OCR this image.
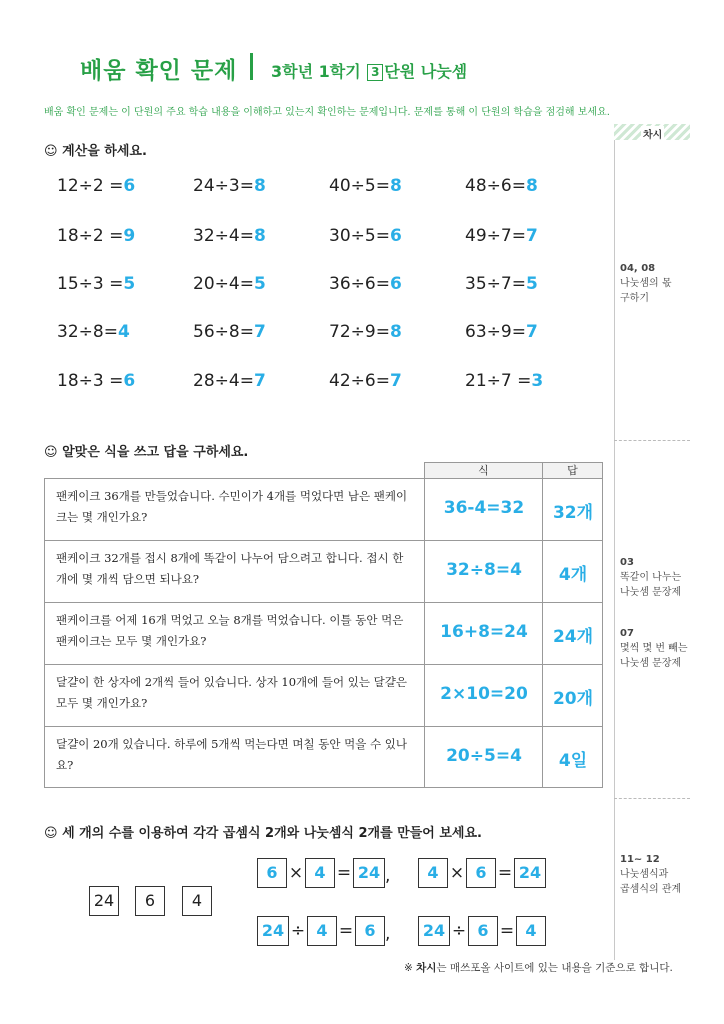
배움 확인 문제 3학년 1학기 3 단원 나눗셈
배움 확인 문제는 이 단원의 주요 학습 내용을 이해하고 있는지 확인하는 문제입니다. 문제를 통해 이 단원의 학습을 점검해 보세요.
차시
04, 08
나눗셈의 몫
구하기
03
똑같이 나누는
나눗셈 문장제
07
몇씩 몇 번 빼는
나눗셈 문장제
11~ 12
나눗셈식과
곱셈식의 관계
☺ 계산을 하세요.
12÷2 =6	24÷3=8	40÷5=8	48÷6=8
18÷2 =9	32÷4=8	30÷5=6	49÷7=7
15÷3 =5	20÷4=5	36÷6=6	35÷7=5
32÷8=4	56÷8=7	72÷9=8	63÷9=7
18÷3 =6	28÷4=7	42÷6=7	21÷7 =3
☺ 알맞은 식을 쓰고 답을 구하세요.
식	답
팬케이크 36개를 만들었습니다. 수민이가 4개를 먹었다면 남은 팬케이크는 몇 개인가요?	36-4=32	32개
팬케이크 32개를 접시 8개에 똑같이 나누어 담으려고 합니다. 접시 한 개에 몇 개씩 담으면 되나요?	32÷8=4	4개
팬케이크를 어제 16개 먹었고 오늘 8개를 먹었습니다. 이틀 동안 먹은 팬케이크는 모두 몇 개인가요?	16+8=24	24개
달걀이 한 상자에 2개씩 들어 있습니다. 상자 10개에 들어 있는 달걀은 모두 몇 개인가요?	2×10=20	20개
달걀이 20개 있습니다. 하루에 5개씩 먹는다면 며칠 동안 먹을 수 있나요?	20÷5=4	4일
☺ 세 개의 수를 이용하여 각각 곱셈식 2개와 나눗셈식 2개를 만들어 보세요.
24	6	4
6 × 4 = 24 ,	4 × 6 = 24
24 ÷ 4 = 6 ,	24 ÷ 6 = 4
※ 차시는 매쓰포올 사이트에 있는 내용을 기준으로 합니다.
